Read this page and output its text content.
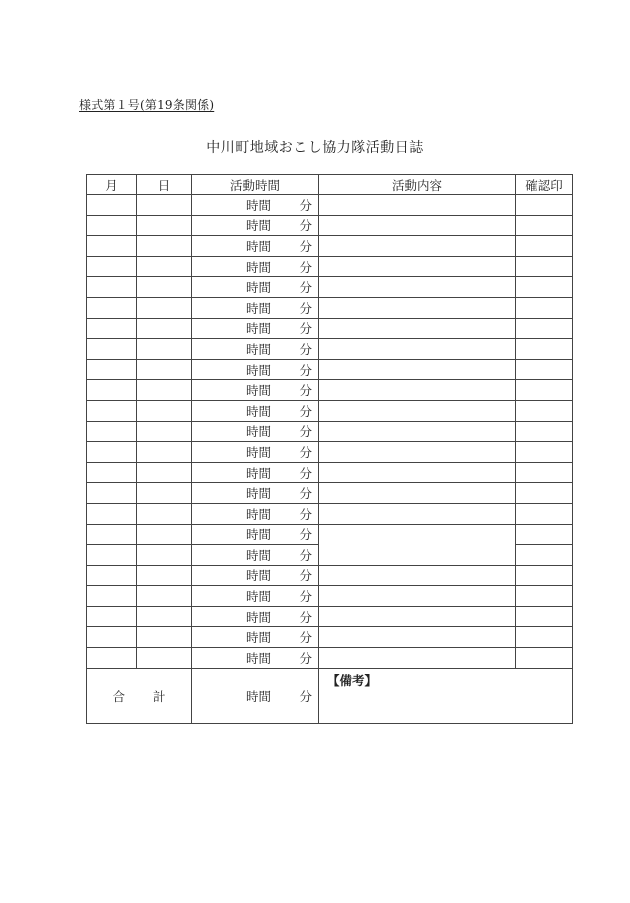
様式第１号(第19条関係)
中川町地域おこし協力隊活動日誌
月	日	活動時間	活動内容	確認印

		時間 分		

		時間 分		

		時間 分		

		時間 分		

		時間 分		

		時間 分		

		時間 分		

		時間 分		

		時間 分		

		時間 分		

		時間 分		

		時間 分		

		時間 分		

		時間 分		

		時間 分		

		時間 分		

		時間 分		

		時間 分		

		時間 分		

		時間 分		

		時間 分		

		時間 分		

		時間 分		

合 計		時間 分	【備考】	
